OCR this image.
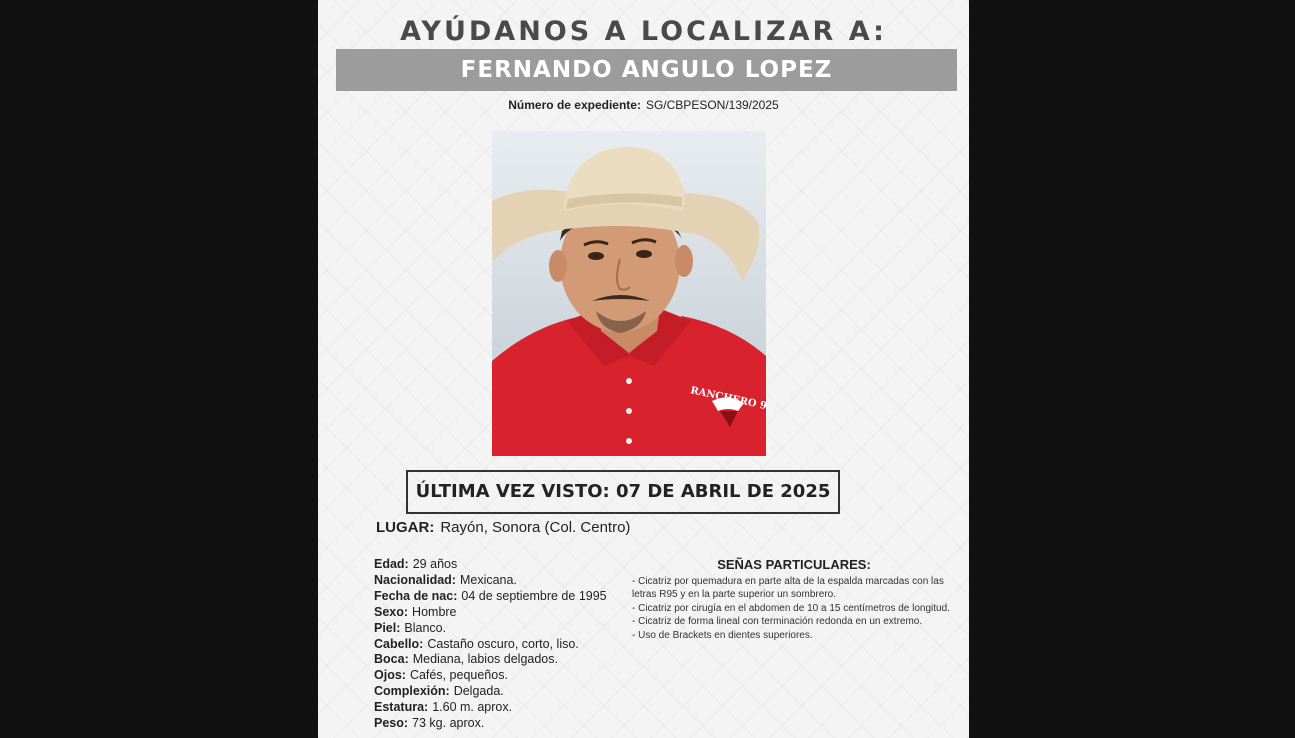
AYÚDANOS A LOCALIZAR A:
FERNANDO ANGULO LOPEZ
Número de expediente: SG/CBPESON/139/2025
RANCHERO 95
ÚLTIMA VEZ VISTO: 07 DE ABRIL DE 2025
LUGAR: Rayón, Sonora (Col. Centro)
Edad: 29 años
Nacionalidad: Mexicana.
Fecha de nac: 04 de septiembre de 1995
Sexo: Hombre
Piel: Blanco.
Cabello: Castaño oscuro, corto, liso.
Boca: Mediana, labios delgados.
Ojos: Cafés, pequeños.
Complexión: Delgada.
Estatura: 1.60 m. aprox.
Peso: 73 kg. aprox.
SEÑAS PARTICULARES:
- Cicatriz por quemadura en parte alta de la espalda marcadas con las letras R95 y en la parte superior un sombrero.
- Cicatriz por cirugía en el abdomen de 10 a 15 centímetros de longitud.
- Cicatriz de forma lineal con terminación redonda en un extremo.
- Uso de Brackets en dientes superiores.
